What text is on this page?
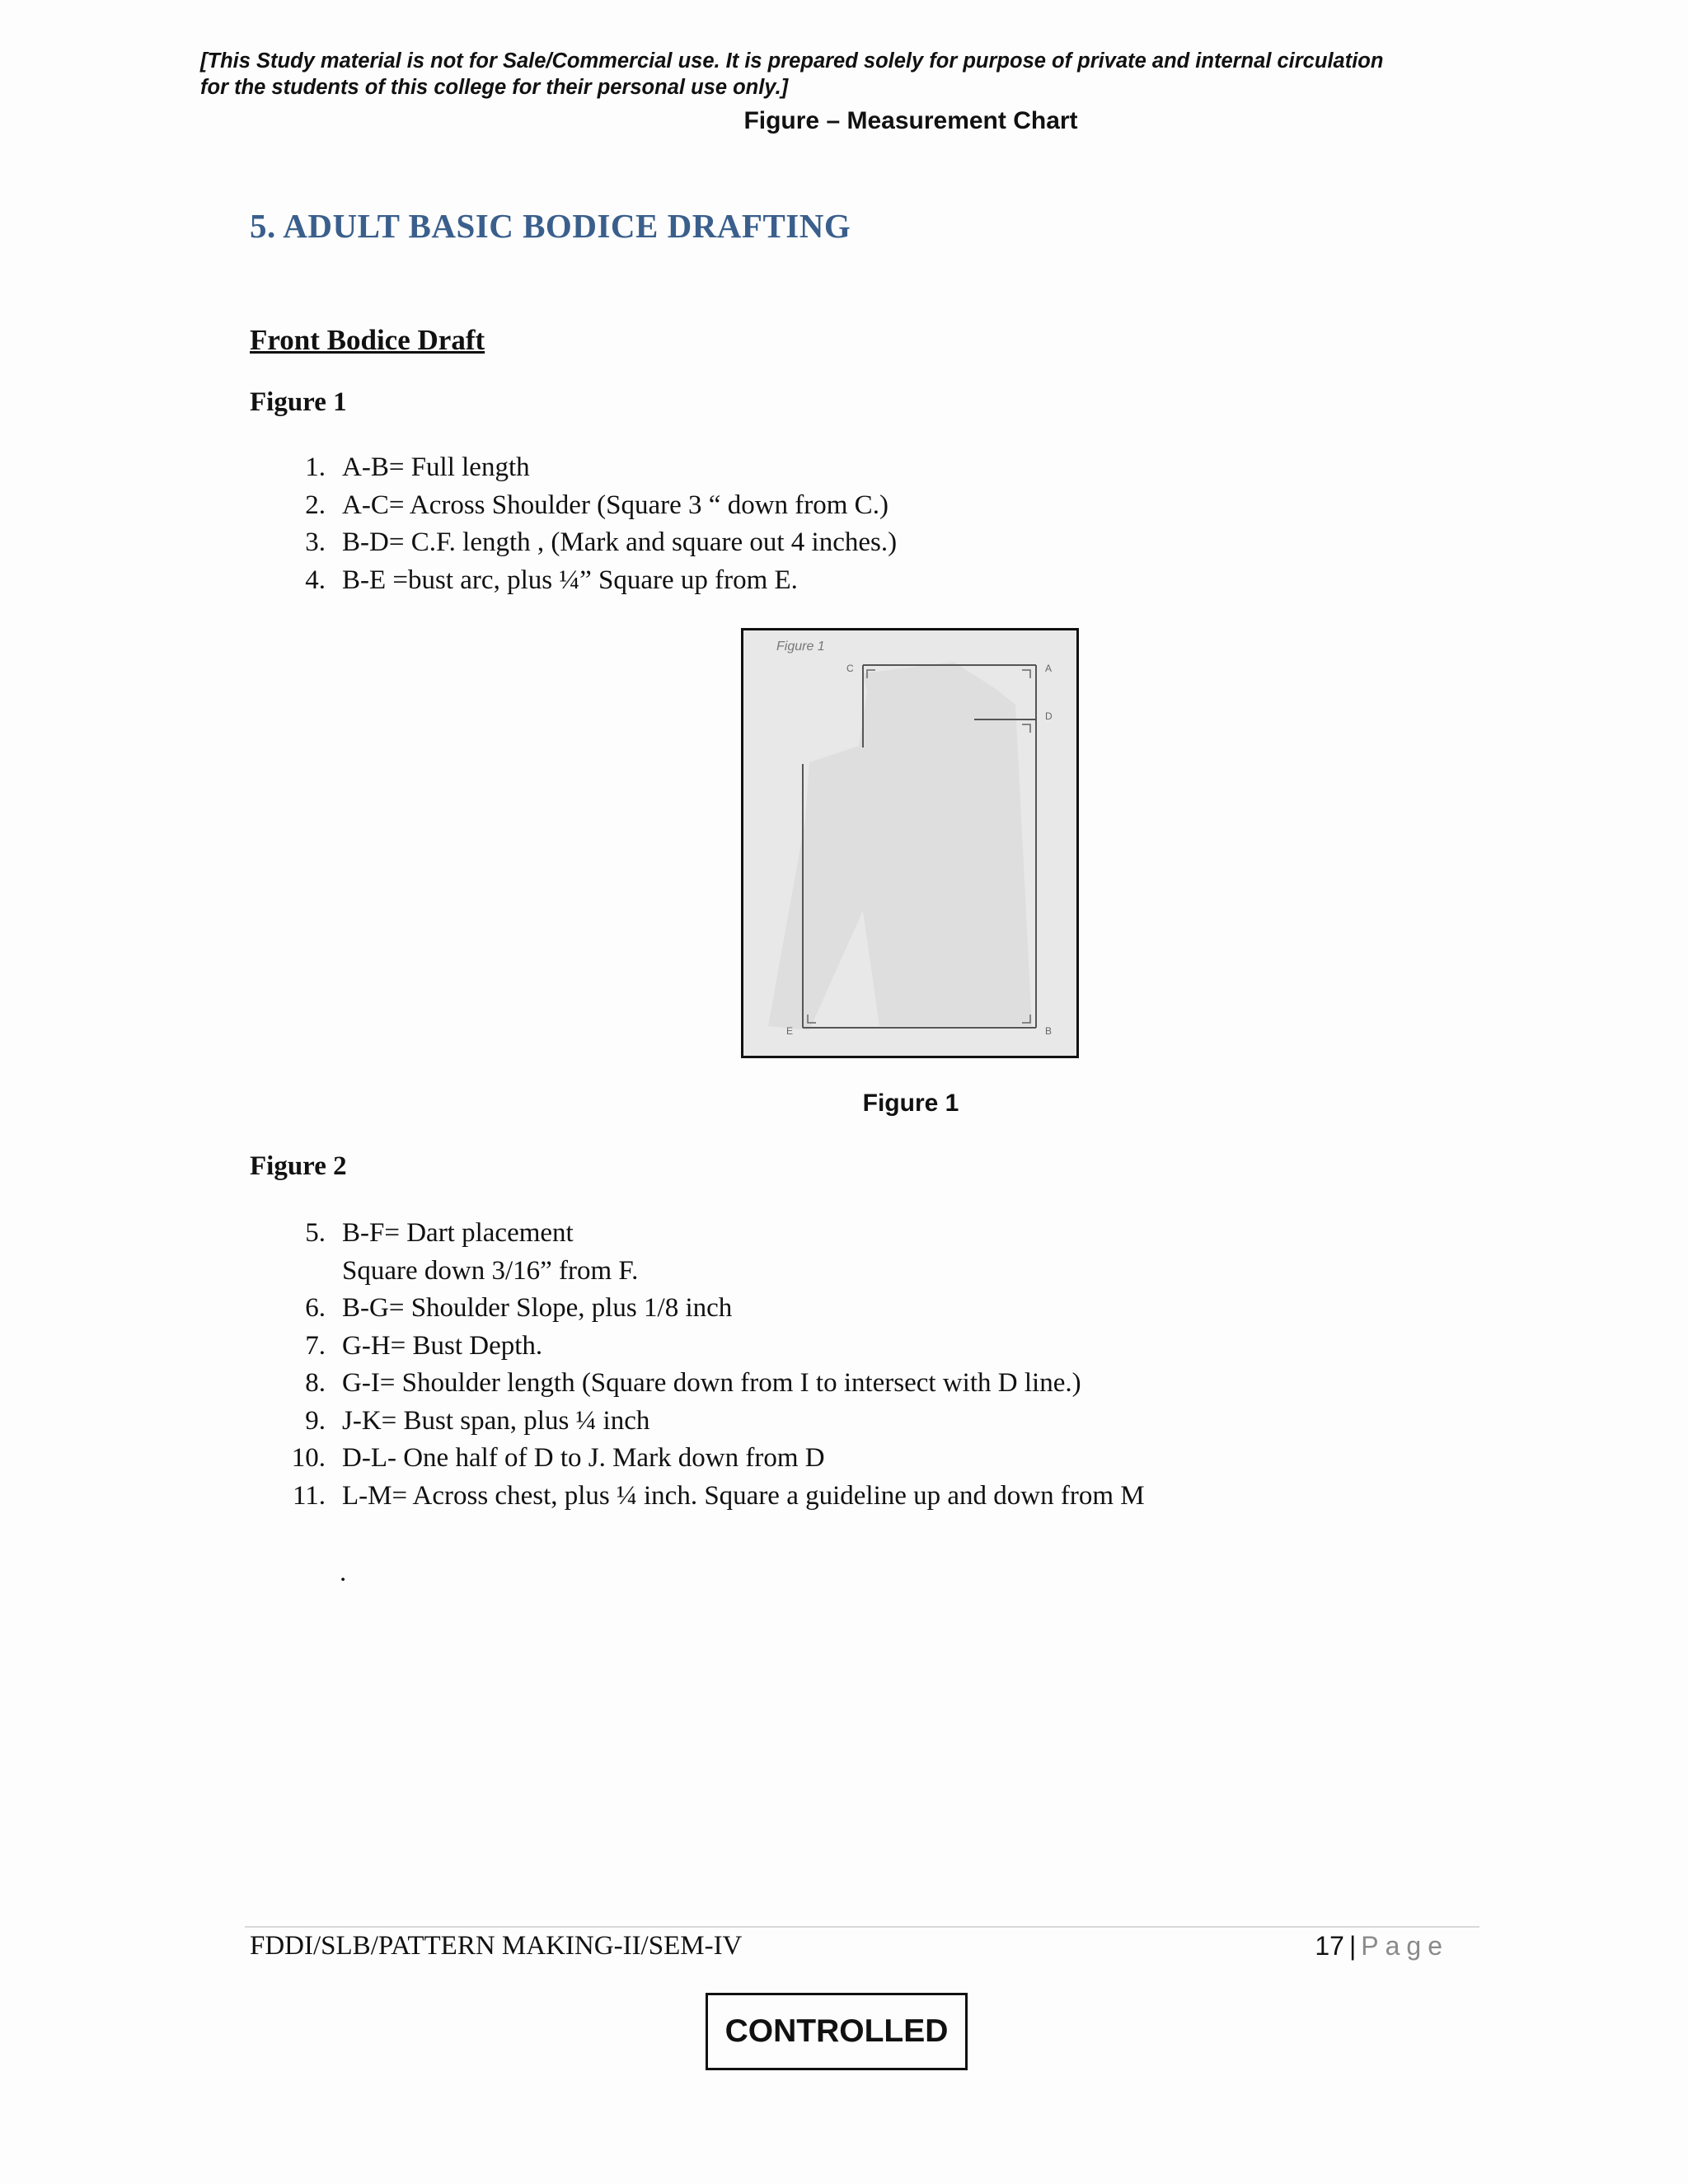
[This Study material is not for Sale/Commercial use. It is prepared solely for purpose of private and internal circulation
for the students of this college for their personal use only.]
Figure – Measurement Chart
5. ADULT BASIC BODICE DRAFTING
Front Bodice Draft
Figure 1
1. A-B= Full length
2. A-C= Across Shoulder (Square 3 “ down from C.)
3. B-D= C.F. length , (Mark and square out 4 inches.)
4. B-E =bust arc, plus ¼” Square up from E.
Figure 1
A
B
C
D
E
Figure 1
Figure 2
5. B-F= Dart placement
Square down 3/16” from F.
6. B-G= Shoulder Slope, plus 1/8 inch
7. G-H= Bust Depth.
8. G-I= Shoulder length (Square down from I to intersect with D line.)
9. J-K= Bust span, plus ¼ inch
10. D-L- One half of D to J. Mark down from D
11. L-M= Across chest, plus ¼ inch. Square a guideline up and down from M
.
FDDI/SLB/PATTERN MAKING-II/SEM-IV	17 | Page
CONTROLLED
